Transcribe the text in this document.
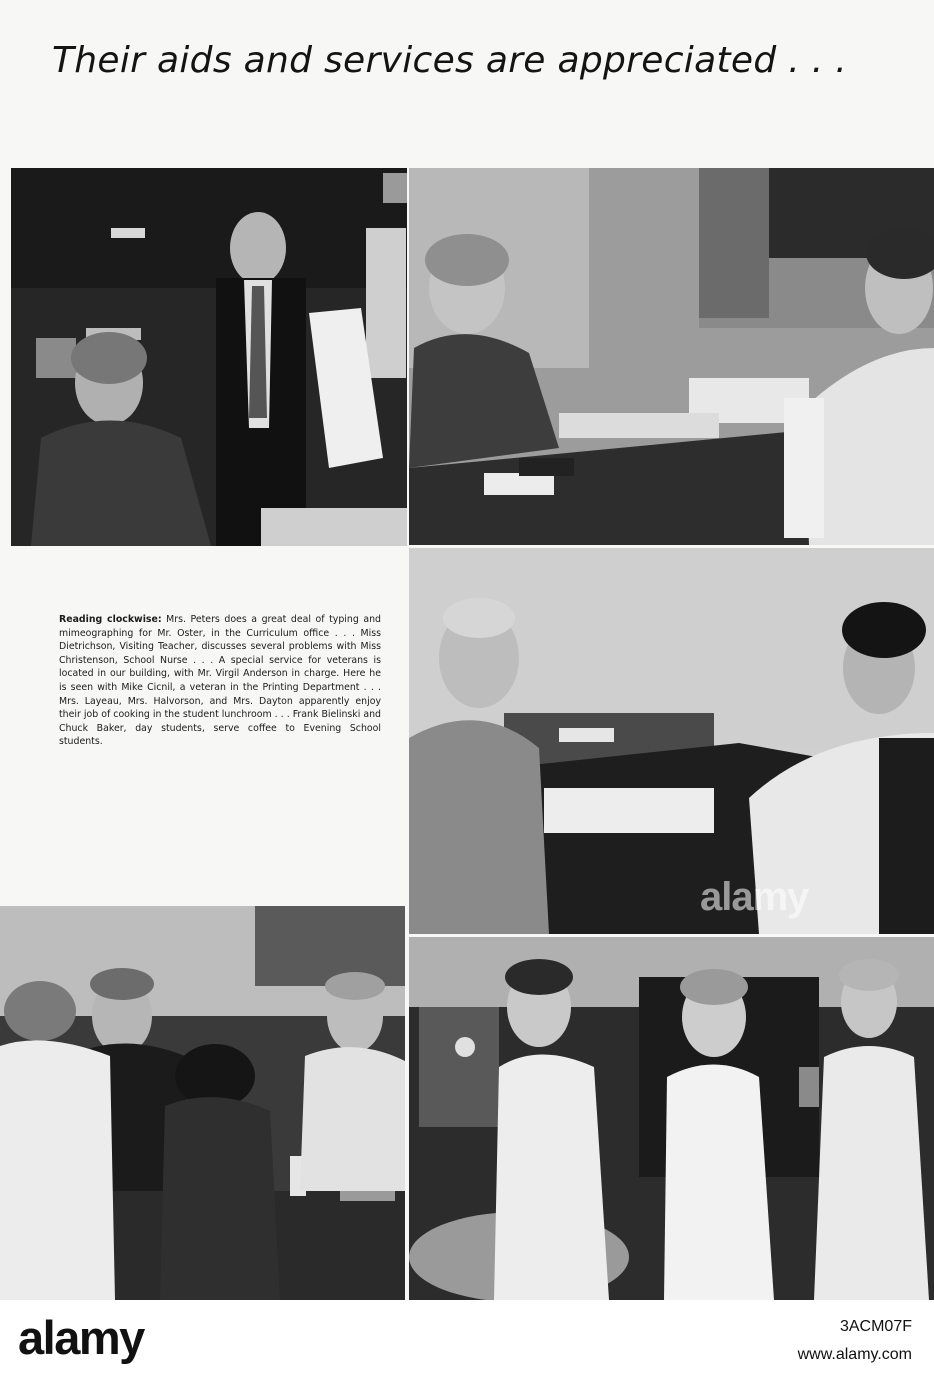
Their aids and services are appreciated . . .
Reading clockwise: Mrs. Peters does a great deal of typing and mimeographing for Mr. Oster, in the Curriculum office . . . Miss Dietrichson, Visiting Teacher, discusses several problems with Miss Christenson, School Nurse . . . A special service for veterans is located in our building, with Mr. Virgil Anderson in charge. Here he is seen with Mike Cicnil, a veteran in the Printing Department . . . Mrs. Layeau, Mrs. Halvorson, and Mrs. Dayton apparently enjoy their job of cooking in the student lunchroom . . . Frank Bielinski and Chuck Baker, day students, serve coffee to Evening School students.
alamy
alamy	3ACM07F
www.alamy.com
